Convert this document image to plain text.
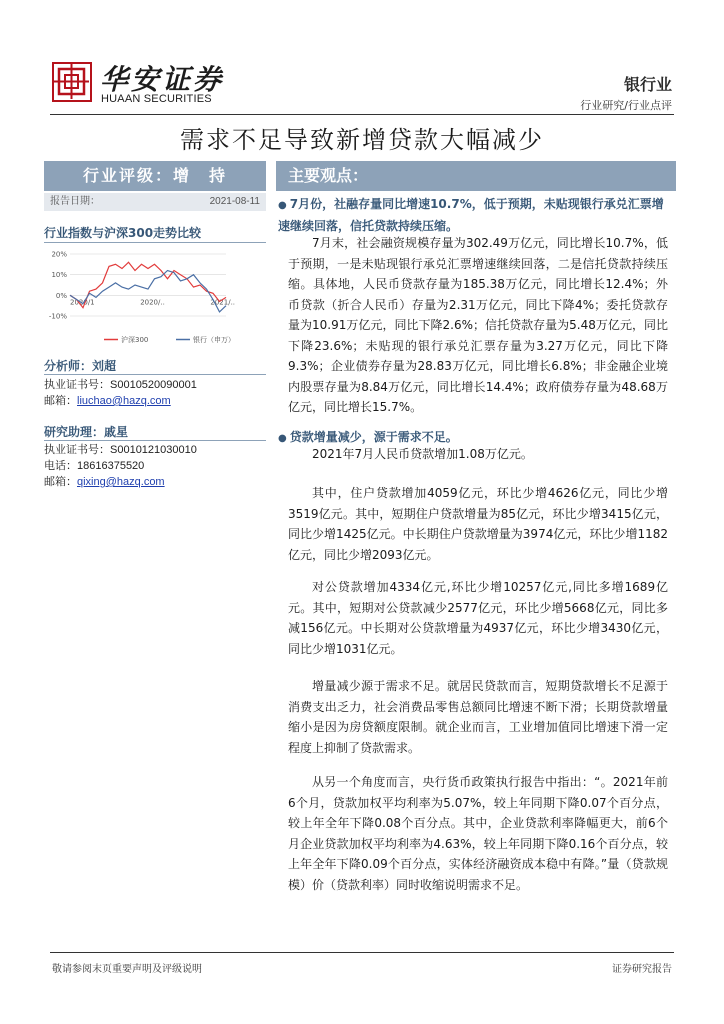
华安证券
HUAAN SECURITIES
银行业
行业研究/行业点评
需求不足导致新增贷款大幅减少
行业评级：增　持
报告日期：	2021-08-11
行业指数与沪深300走势比较
20%
10%
0%
-10%
2020/1	2020/..	2021/..
沪深300	银行（申万）
分析师：刘超
执业证书号：S0010520090001
邮箱：liuchao@hazq.com
研究助理：戚星
执业证书号：S0010121030010
电话：18616375520
邮箱：qixing@hazq.com
主要观点：
● 7月份，社融存量同比增速10.7%，低于预期，未贴现银行承兑汇票增速继续回落，信托贷款持续压缩。
7月末，社会融资规模存量为302.49万亿元，同比增长10.7%，低于预期，一是未贴现银行承兑汇票增速继续回落，二是信托贷款持续压缩。具体地，人民币贷款存量为185.38万亿元，同比增长12.4%；外币贷款（折合人民币）存量为2.31万亿元，同比下降4%；委托贷款存量为10.91万亿元，同比下降2.6%；信托贷款存量为5.48万亿元，同比下降23.6%；未贴现的银行承兑汇票存量为3.27万亿元，同比下降9.3%；企业债券存量为28.83万亿元，同比增长6.8%；非金融企业境内股票存量为8.84万亿元，同比增长14.4%；政府债券存量为48.68万亿元，同比增长15.7%。
● 贷款增量减少，源于需求不足。
2021年7月人民币贷款增加1.08万亿元。
其中，住户贷款增加4059亿元，环比少增4626亿元，同比少增3519亿元。其中，短期住户贷款增量为85亿元，环比少增3415亿元，同比少增1425亿元。中长期住户贷款增量为3974亿元，环比少增1182亿元，同比少增2093亿元。
对公贷款增加4334亿元,环比少增10257亿元,同比多增1689亿元。其中，短期对公贷款减少2577亿元，环比少增5668亿元，同比多减156亿元。中长期对公贷款增量为4937亿元，环比少增3430亿元，同比少增1031亿元。
增量减少源于需求不足。就居民贷款而言，短期贷款增长不足源于消费支出乏力，社会消费品零售总额同比增速不断下滑；长期贷款增量缩小是因为房贷额度限制。就企业而言，工业增加值同比增速下滑一定程度上抑制了贷款需求。
从另一个角度而言，央行货币政策执行报告中指出：“。2021年前6个月，贷款加权平均利率为5.07%，较上年同期下降0.07个百分点，较上年全年下降0.08个百分点。其中，企业贷款利率降幅更大，前6个月企业贷款加权平均利率为4.63%，较上年同期下降0.16个百分点，较上年全年下降0.09个百分点，实体经济融资成本稳中有降。”量（贷款规模）价（贷款利率）同时收缩说明需求不足。
敬请参阅末页重要声明及评级说明	证券研究报告
